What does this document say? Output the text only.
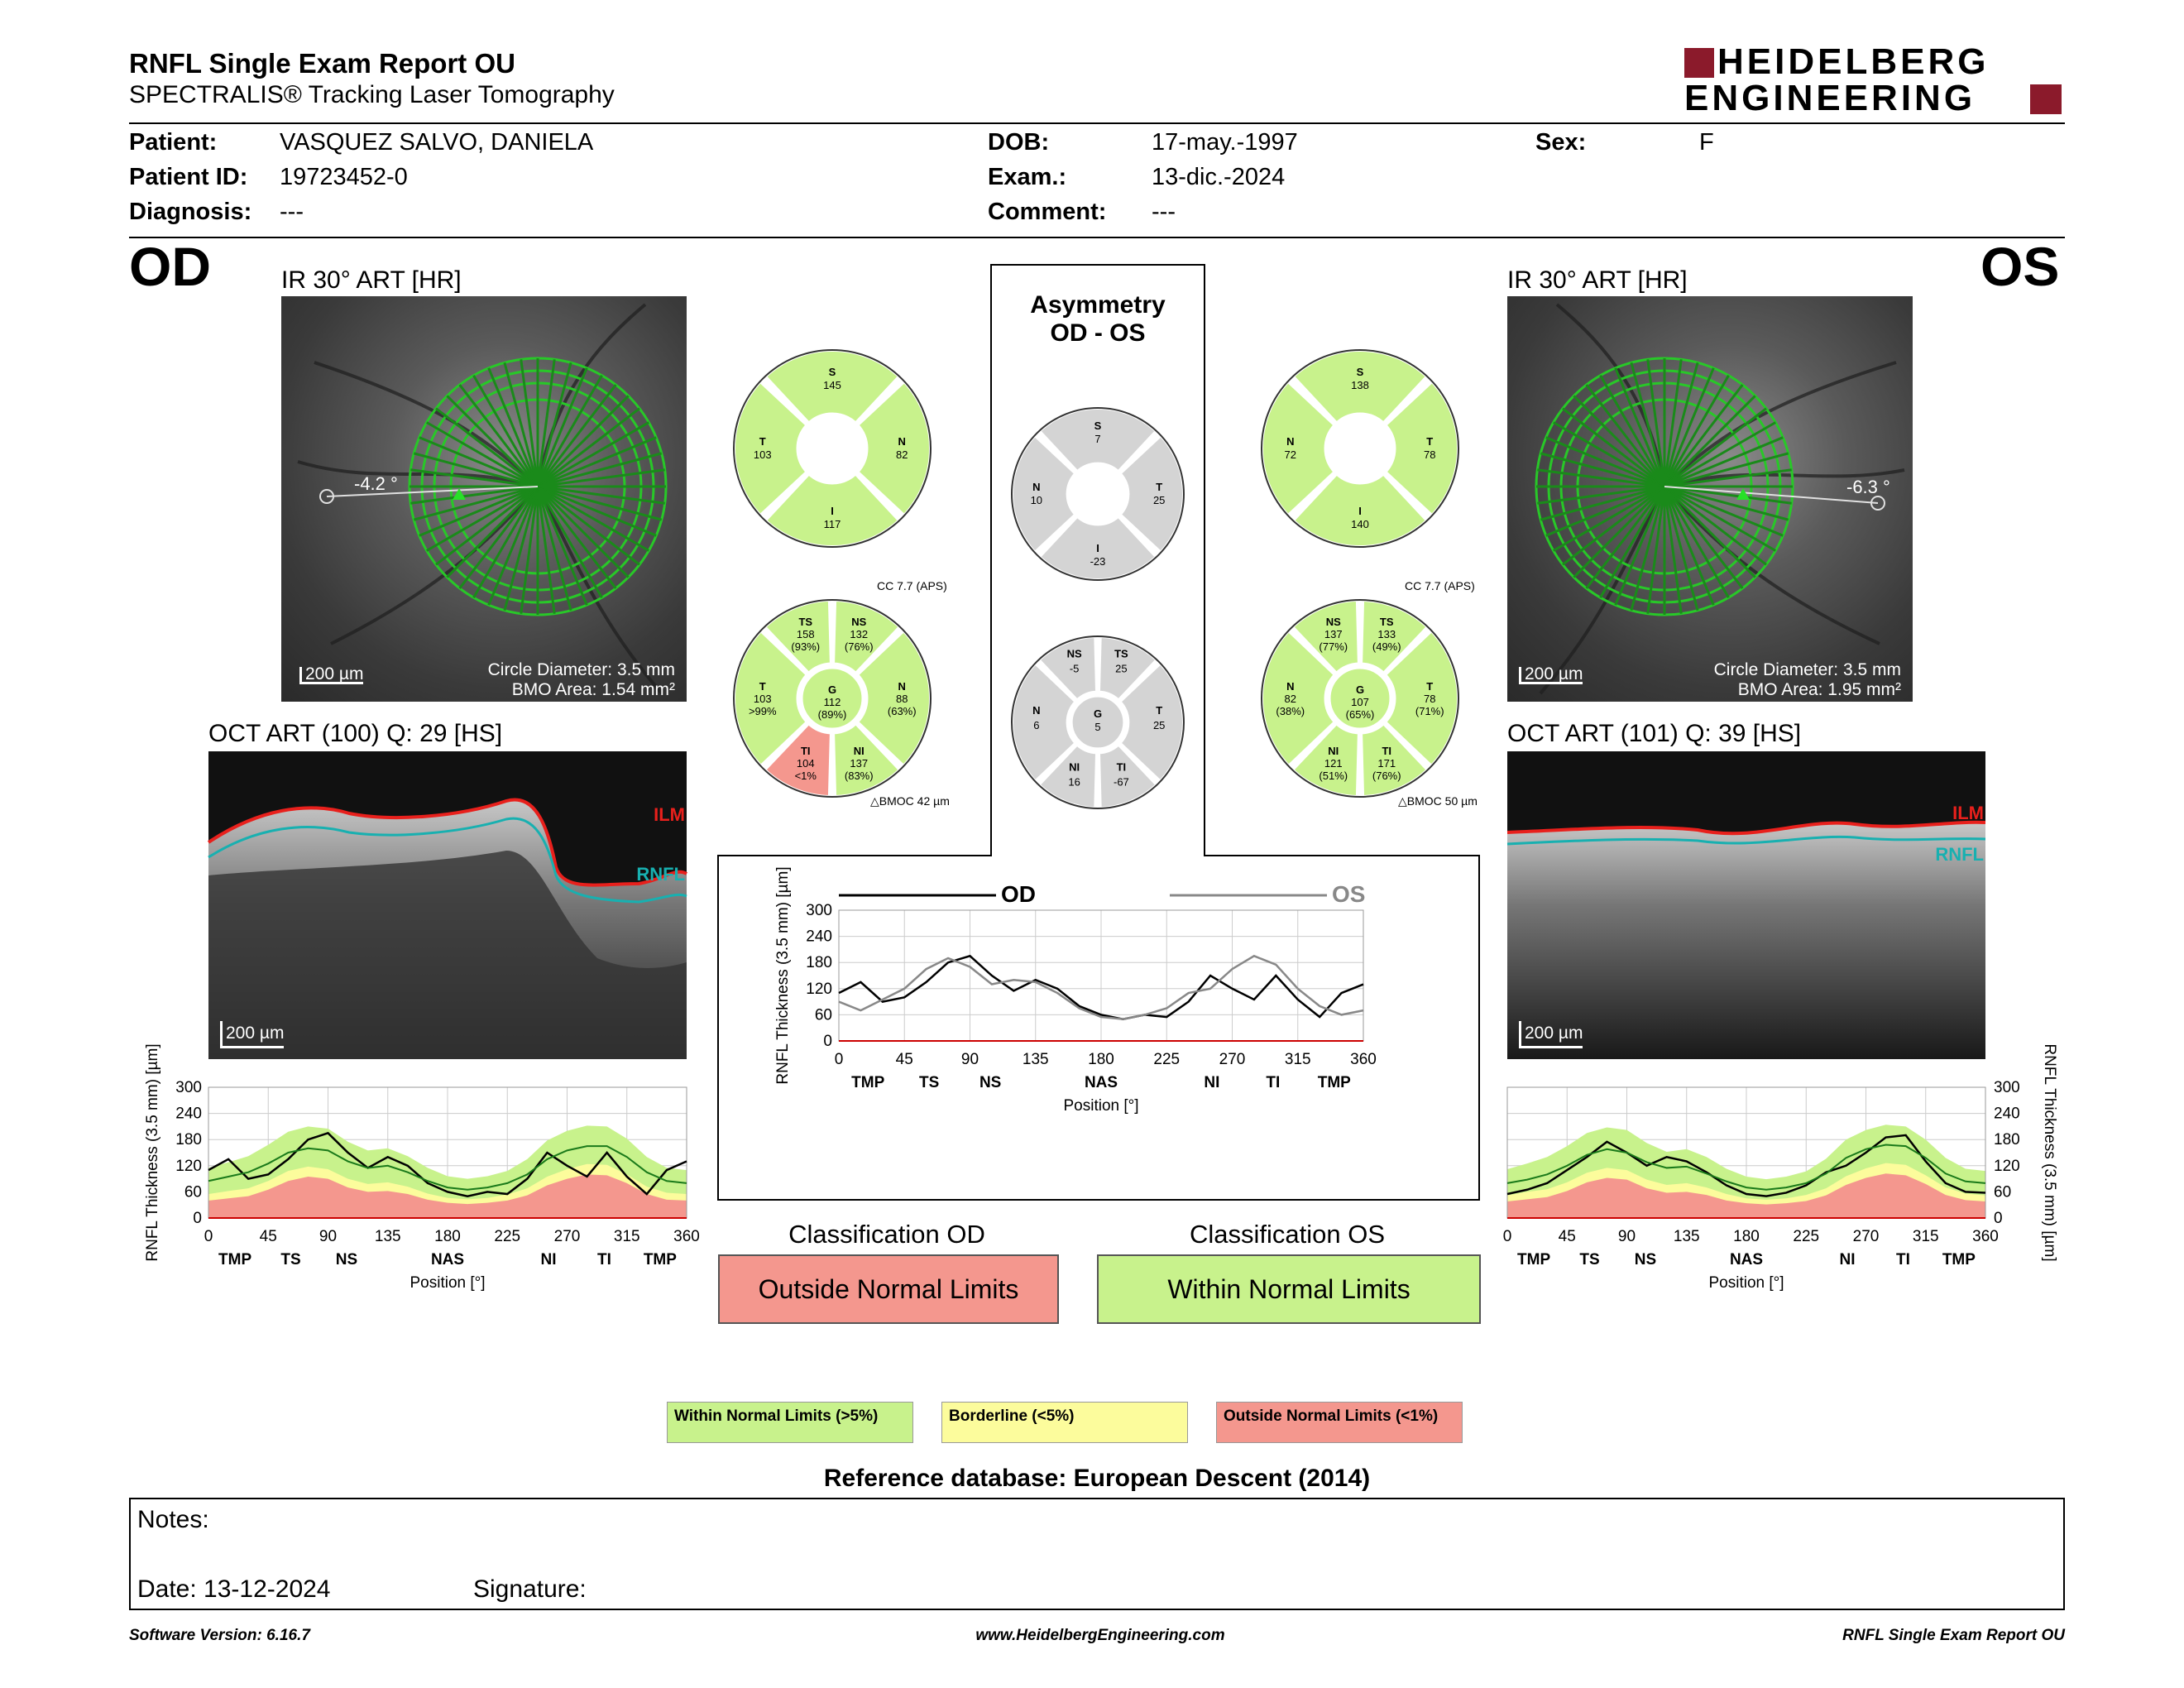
RNFL Single Exam Report OU
SPECTRALIS® Tracking Laser Tomography
HEIDELBERG
ENGINEERING
Patient:	VASQUEZ SALVO, DANIELA
Patient ID: 19723452-0
Diagnosis: ---
DOB:	17-may.-1997
Exam.:	13-dic.-2024
Comment: ---
Sex:	F
OD	OS
IR 30° ART [HR]
-4.2 °
200 µm	Circle Diameter: 3.5 mm
BMO Area: 1.54 mm²
IR 30° ART [HR]
-6.3 °
200 µm	Circle Diameter: 3.5 mm
BMO Area: 1.95 mm²
OCT ART (100) Q: 29 [HS]	OCT ART (101) Q: 39 [HS]
ILM
RNFL
200 µm
ILM
RNFL
200 µm
Asymmetry
OD - OS
S
145
N
82
I
117
T
103
TS
158
(93%)
NS
132
(76%)
N
88
(63%)
NI
137
(83%)
TI
104
<1%
T
103
>99%
G
112
(89%)
CC 7.7 (APS)
△BMOC 42 µm
S
7
T
25
I
-23
N
10
NS
-5
TS
25
T
25
TI
-67
NI
16
N
6
G
5
S
138
T
78
I
140
N
72
NS
137
(77%)
TS
133
(49%)
T
78
(71%)
TI
171
(76%)
NI
121
(51%)
N
82
(38%)
G
107
(65%)
CC 7.7 (APS)
△BMOC 50 µm
0
60
120
180
240
300
0	45	90 135 180 225 270 315 360
TMP TS NS	NAS	NI	TI TMP
Position [°]
RNFL Thickness (3.5 mm) [µm]
0
60
120
180
240
300
0	45	90	135	180	225	270	315	360
TMP TS	NS	NAS	NI	TI TMP
Position [°]
RNFL Thickness (3.5 mm) [µm]	OD	OS
0
60
120
180
240
300
0	45	90 135 180 225 270 315 360
TMP TS NS	NAS	NI	TI TMP
Position [°]
RNFL Thickness (3.5 mm) [µm]
Classification OD
Outside Normal Limits
Classification OS
Within Normal Limits
Within Normal Limits (>5%)	Borderline (<5%)	Outside Normal Limits (<1%)
Reference database: European Descent (2014)
Notes:
Date: 13-12-2024	Signature:
Software Version: 6.16.7	www.HeidelbergEngineering.com	RNFL Single Exam Report OU
